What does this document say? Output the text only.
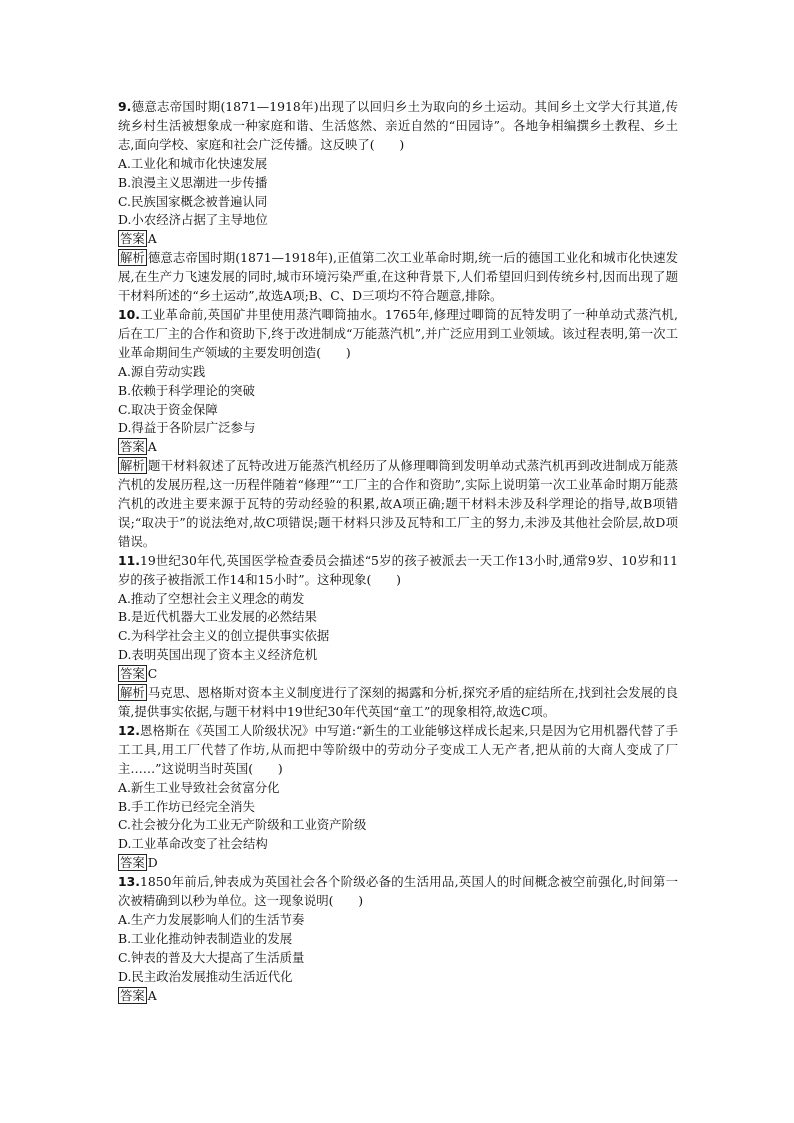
9.德意志帝国时期(1871—1918年)出现了以回归乡土为取向的乡土运动。其间乡土文学大行其道,传统乡村生活被想象成一种家庭和谐、生活悠然、亲近自然的“田园诗”。各地争相编撰乡土教程、乡土志,面向学校、家庭和社会广泛传播。这反映了(　　)
A.工业化和城市化快速发展
B.浪漫主义思潮进一步传播
C.民族国家概念被普遍认同
D.小农经济占据了主导地位
答案 A
解析 德意志帝国时期(1871—1918年),正值第二次工业革命时期,统一后的德国工业化和城市化快速发展,在生产力飞速发展的同时,城市环境污染严重,在这种背景下,人们希望回归到传统乡村,因而出现了题干材料所述的“乡土运动”,故选A项;B、C、D三项均不符合题意,排除。
10.工业革命前,英国矿井里使用蒸汽唧筒抽水。1765年,修理过唧筒的瓦特发明了一种单动式蒸汽机,后在工厂主的合作和资助下,终于改进制成“万能蒸汽机”,并广泛应用到工业领域。该过程表明,第一次工业革命期间生产领域的主要发明创造(　　)
A.源自劳动实践
B.依赖于科学理论的突破
C.取决于资金保障
D.得益于各阶层广泛参与
答案 A
解析 题干材料叙述了瓦特改进万能蒸汽机经历了从修理唧筒到发明单动式蒸汽机再到改进制成万能蒸汽机的发展历程,这一历程伴随着“修理”“工厂主的合作和资助”,实际上说明第一次工业革命时期万能蒸汽机的改进主要来源于瓦特的劳动经验的积累,故A项正确;题干材料未涉及科学理论的指导,故B项错误;“取决于”的说法绝对,故C项错误;题干材料只涉及瓦特和工厂主的努力,未涉及其他社会阶层,故D项错误。
11.19世纪30年代,英国医学检查委员会描述“5岁的孩子被派去一天工作13小时,通常9岁、10岁和11岁的孩子被指派工作14和15小时”。这种现象(　　)
A.推动了空想社会主义理念的萌发
B.是近代机器大工业发展的必然结果
C.为科学社会主义的创立提供事实依据
D.表明英国出现了资本主义经济危机
答案 C
解析 马克思、恩格斯对资本主义制度进行了深刻的揭露和分析,探究矛盾的症结所在,找到社会发展的良策,提供事实依据,与题干材料中19世纪30年代英国“童工”的现象相符,故选C项。
12.恩格斯在《英国工人阶级状况》中写道:“新生的工业能够这样成长起来,只是因为它用机器代替了手工工具,用工厂代替了作坊,从而把中等阶级中的劳动分子变成工人无产者,把从前的大商人变成了厂主……”这说明当时英国(　　)
A.新生工业导致社会贫富分化
B.手工作坊已经完全消失
C.社会被分化为工业无产阶级和工业资产阶级
D.工业革命改变了社会结构
答案 D
13.1850年前后,钟表成为英国社会各个阶级必备的生活用品,英国人的时间概念被空前强化,时间第一次被精确到以秒为单位。这一现象说明(　　)
A.生产力发展影响人们的生活节奏
B.工业化推动钟表制造业的发展
C.钟表的普及大大提高了生活质量
D.民主政治发展推动生活近代化
答案 A
